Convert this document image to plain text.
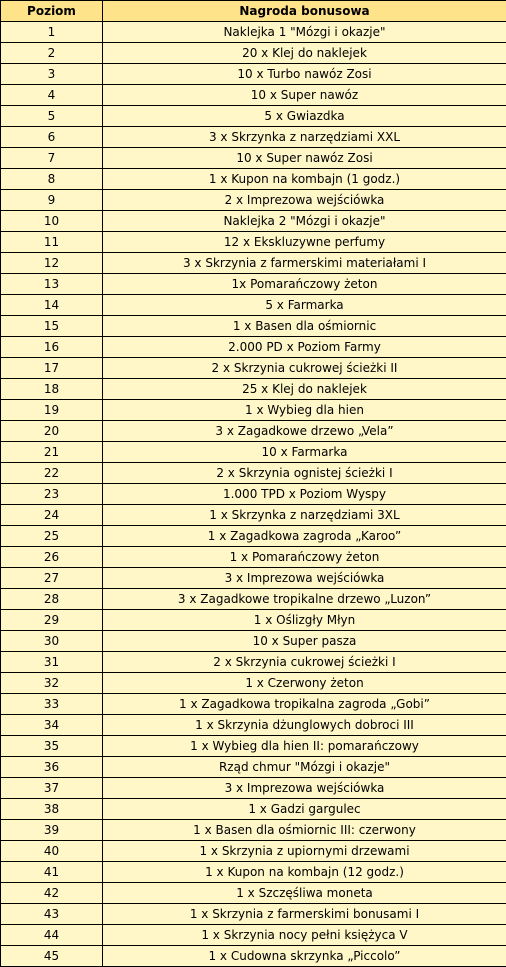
Poziom	Nagroda bonusowa
1	Naklejka 1 "Mózgi i okazje"
2	20 x Klej do naklejek
3	10 x Turbo nawóz Zosi
4	10 x Super nawóz
5	5 x Gwiazdka
6	3 x Skrzynka z narzędziami XXL
7	10 x Super nawóz Zosi
8	1 x Kupon na kombajn (1 godz.)
9	2 x Imprezowa wejściówka
10	Naklejka 2 "Mózgi i okazje"
11	12 x Ekskluzywne perfumy
12	3 x Skrzynia z farmerskimi materiałami I
13	1x Pomarańczowy żeton
14	5 x Farmarka
15	1 x Basen dla ośmiornic
16	2.000 PD x Poziom Farmy
17	2 x Skrzynia cukrowej ścieżki II
18	25 x Klej do naklejek
19	1 x Wybieg dla hien
20	3 x Zagadkowe drzewo „Vela”
21	10 x Farmarka
22	2 x Skrzynia ognistej ścieżki I
23	1.000 TPD x Poziom Wyspy
24	1 x Skrzynka z narzędziami 3XL
25	1 x Zagadkowa zagroda „Karoo”
26	1 x Pomarańczowy żeton
27	3 x Imprezowa wejściówka
28	3 x Zagadkowe tropikalne drzewo „Luzon”
29	1 x Oślizgły Młyn
30	10 x Super pasza
31	2 x Skrzynia cukrowej ścieżki I
32	1 x Czerwony żeton
33	1 x Zagadkowa tropikalna zagroda „Gobi”
34	1 x Skrzynia dżunglowych dobroci III
35	1 x Wybieg dla hien II: pomarańczowy
36	Rząd chmur "Mózgi i okazje"
37	3 x Imprezowa wejściówka
38	1 x Gadzi gargulec
39	1 x Basen dla ośmiornic III: czerwony
40	1 x Skrzynia z upiornymi drzewami
41	1 x Kupon na kombajn (12 godz.)
42	1 x Szczęśliwa moneta
43	1 x Skrzynia z farmerskimi bonusami I
44	1 x Skrzynia nocy pełni księżyca V
45	1 x Cudowna skrzynka „Piccolo”
